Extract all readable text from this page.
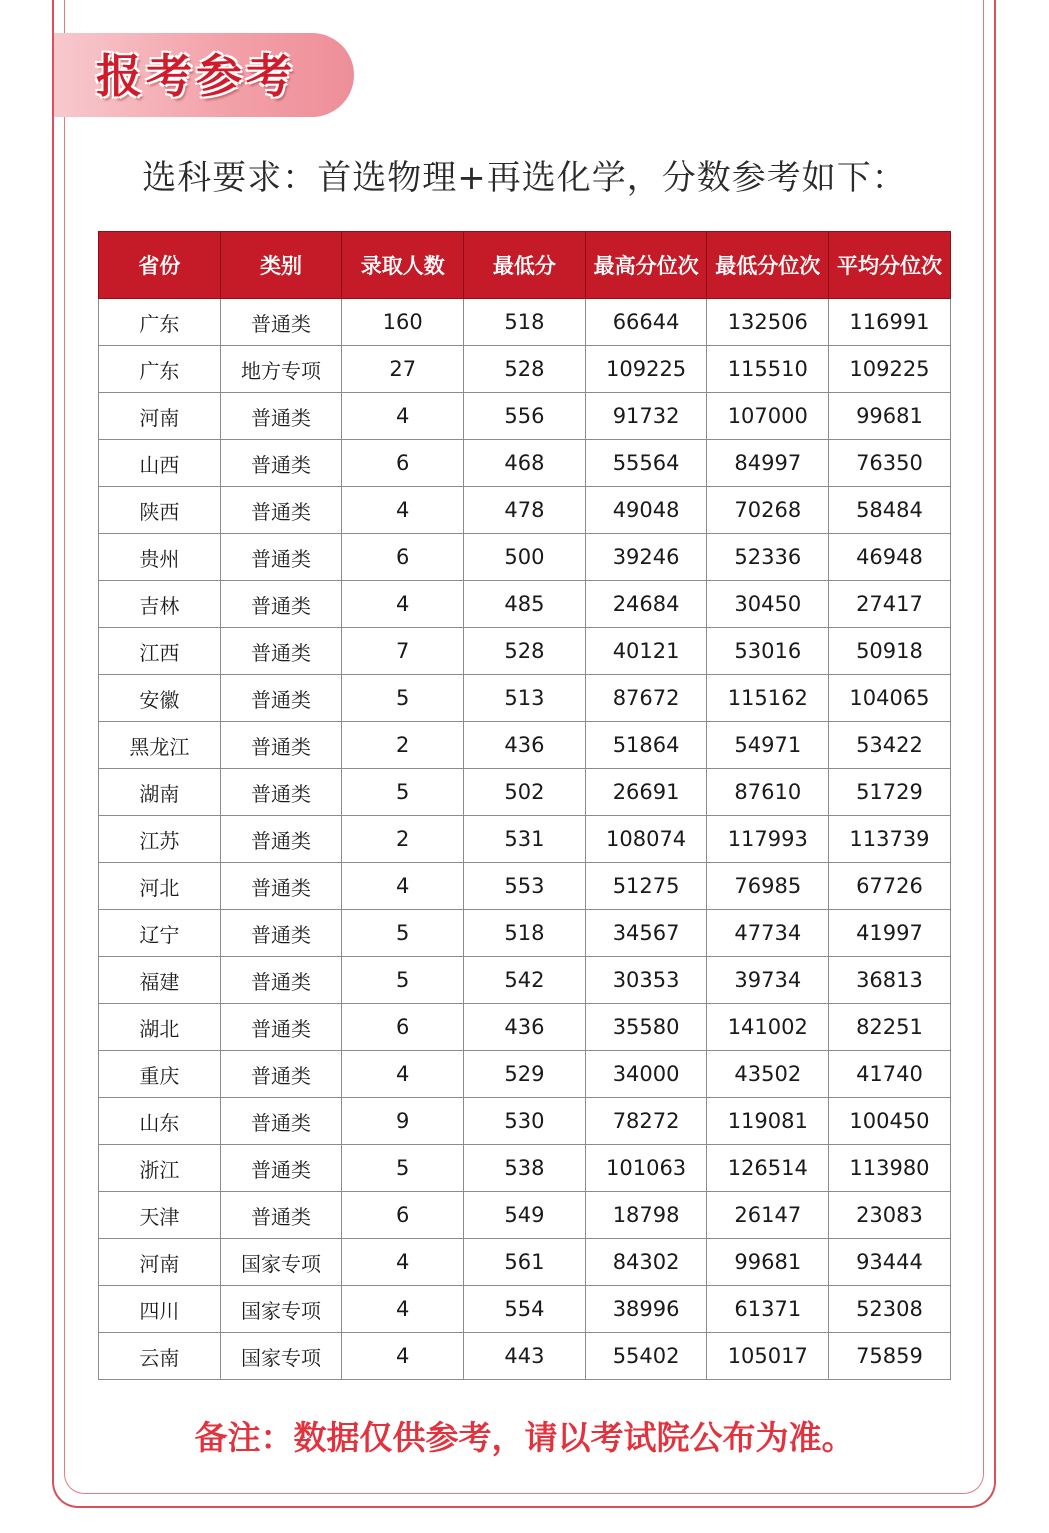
报考参考
选科要求：首选物理+再选化学，分数参考如下：
省份	类别	录取人数	最低分	最高分位次	最低分位次	平均分位次
广东	普通类	160	518	66644	132506	116991
广东	地方专项	27	528	109225	115510	109225
河南	普通类	4	556	91732	107000	99681
山西	普通类	6	468	55564	84997	76350
陕西	普通类	4	478	49048	70268	58484
贵州	普通类	6	500	39246	52336	46948
吉林	普通类	4	485	24684	30450	27417
江西	普通类	7	528	40121	53016	50918
安徽	普通类	5	513	87672	115162	104065
黑龙江	普通类	2	436	51864	54971	53422
湖南	普通类	5	502	26691	87610	51729
江苏	普通类	2	531	108074	117993	113739
河北	普通类	4	553	51275	76985	67726
辽宁	普通类	5	518	34567	47734	41997
福建	普通类	5	542	30353	39734	36813
湖北	普通类	6	436	35580	141002	82251
重庆	普通类	4	529	34000	43502	41740
山东	普通类	9	530	78272	119081	100450
浙江	普通类	5	538	101063	126514	113980
天津	普通类	6	549	18798	26147	23083
河南	国家专项	4	561	84302	99681	93444
四川	国家专项	4	554	38996	61371	52308
云南	国家专项	4	443	55402	105017	75859
备注：数据仅供参考，请以考试院公布为准。
